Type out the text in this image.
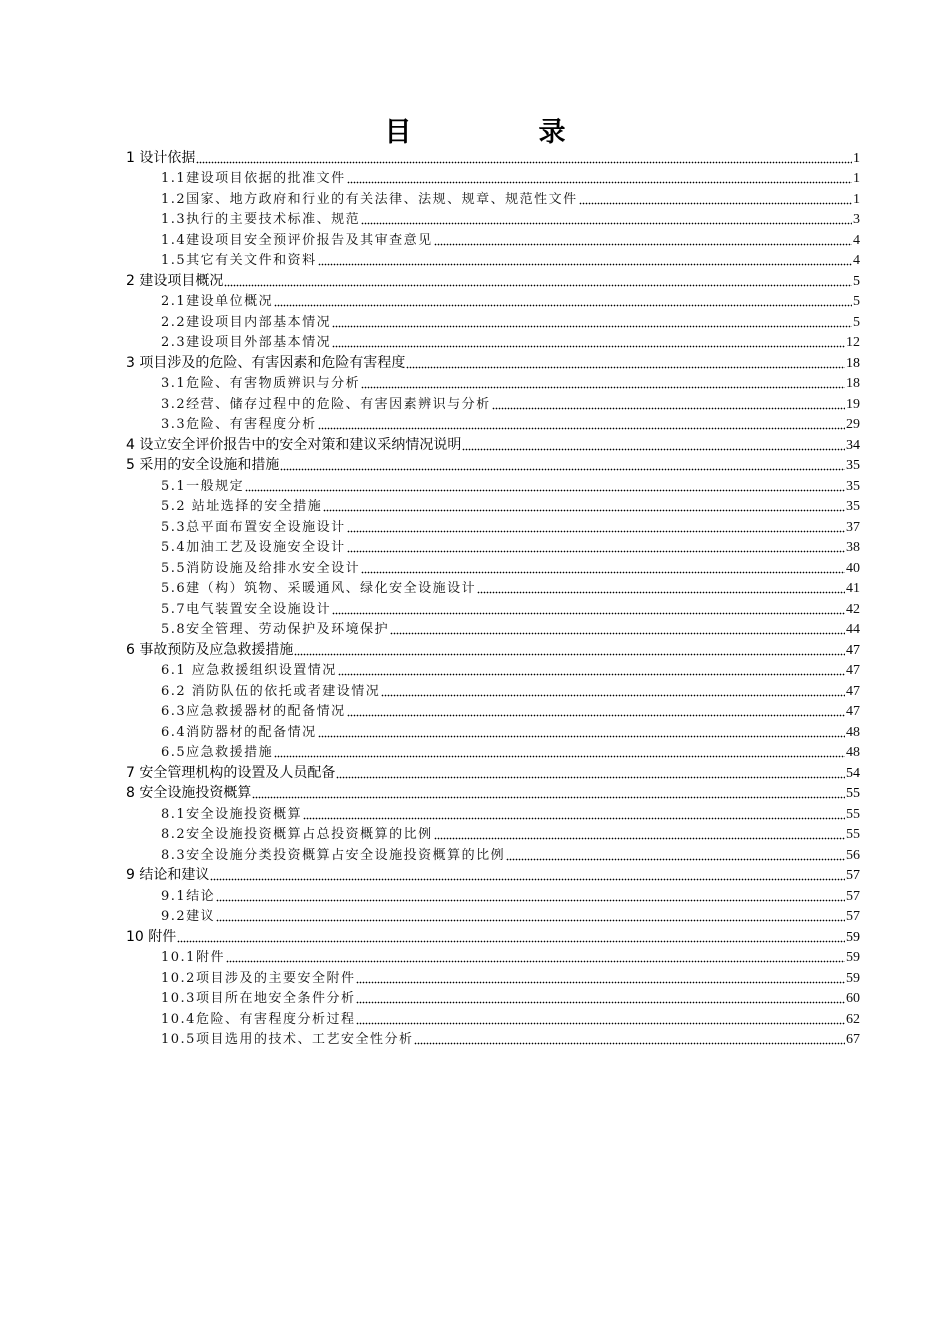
目　录
1 设计依据	1
1.1建设项目依据的批准文件	1
1.2国家、地方政府和行业的有关法律、法规、规章、规范性文件	1
1.3执行的主要技术标准、规范	3
1.4建设项目安全预评价报告及其审查意见	4
1.5其它有关文件和资料	4
2 建设项目概况	5
2.1建设单位概况	5
2.2建设项目内部基本情况	5
2.3建设项目外部基本情况	12
3 项目涉及的危险、有害因素和危险有害程度	18
3.1危险、有害物质辨识与分析	18
3.2经营、储存过程中的危险、有害因素辨识与分析	19
3.3危险、有害程度分析	29
4 设立安全评价报告中的安全对策和建议采纳情况说明	34
5 采用的安全设施和措施	35
5.1一般规定	35
5.2 站址选择的安全措施	35
5.3总平面布置安全设施设计	37
5.4加油工艺及设施安全设计	38
5.5消防设施及给排水安全设计	40
5.6建（构）筑物、采暖通风、绿化安全设施设计	41
5.7电气装置安全设施设计	42
5.8安全管理、劳动保护及环境保护	44
6 事故预防及应急救援措施	47
6.1 应急救援组织设置情况	47
6.2 消防队伍的依托或者建设情况	47
6.3应急救援器材的配备情况	47
6.4消防器材的配备情况	48
6.5应急救援措施	48
7 安全管理机构的设置及人员配备	54
8 安全设施投资概算	55
8.1安全设施投资概算	55
8.2安全设施投资概算占总投资概算的比例	55
8.3安全设施分类投资概算占安全设施投资概算的比例	56
9 结论和建议	57
9.1结论	57
9.2建议	57
10 附件	59
10.1附件	59
10.2项目涉及的主要安全附件	59
10.3项目所在地安全条件分析	60
10.4危险、有害程度分析过程	62
10.5项目选用的技术、工艺安全性分析	67
